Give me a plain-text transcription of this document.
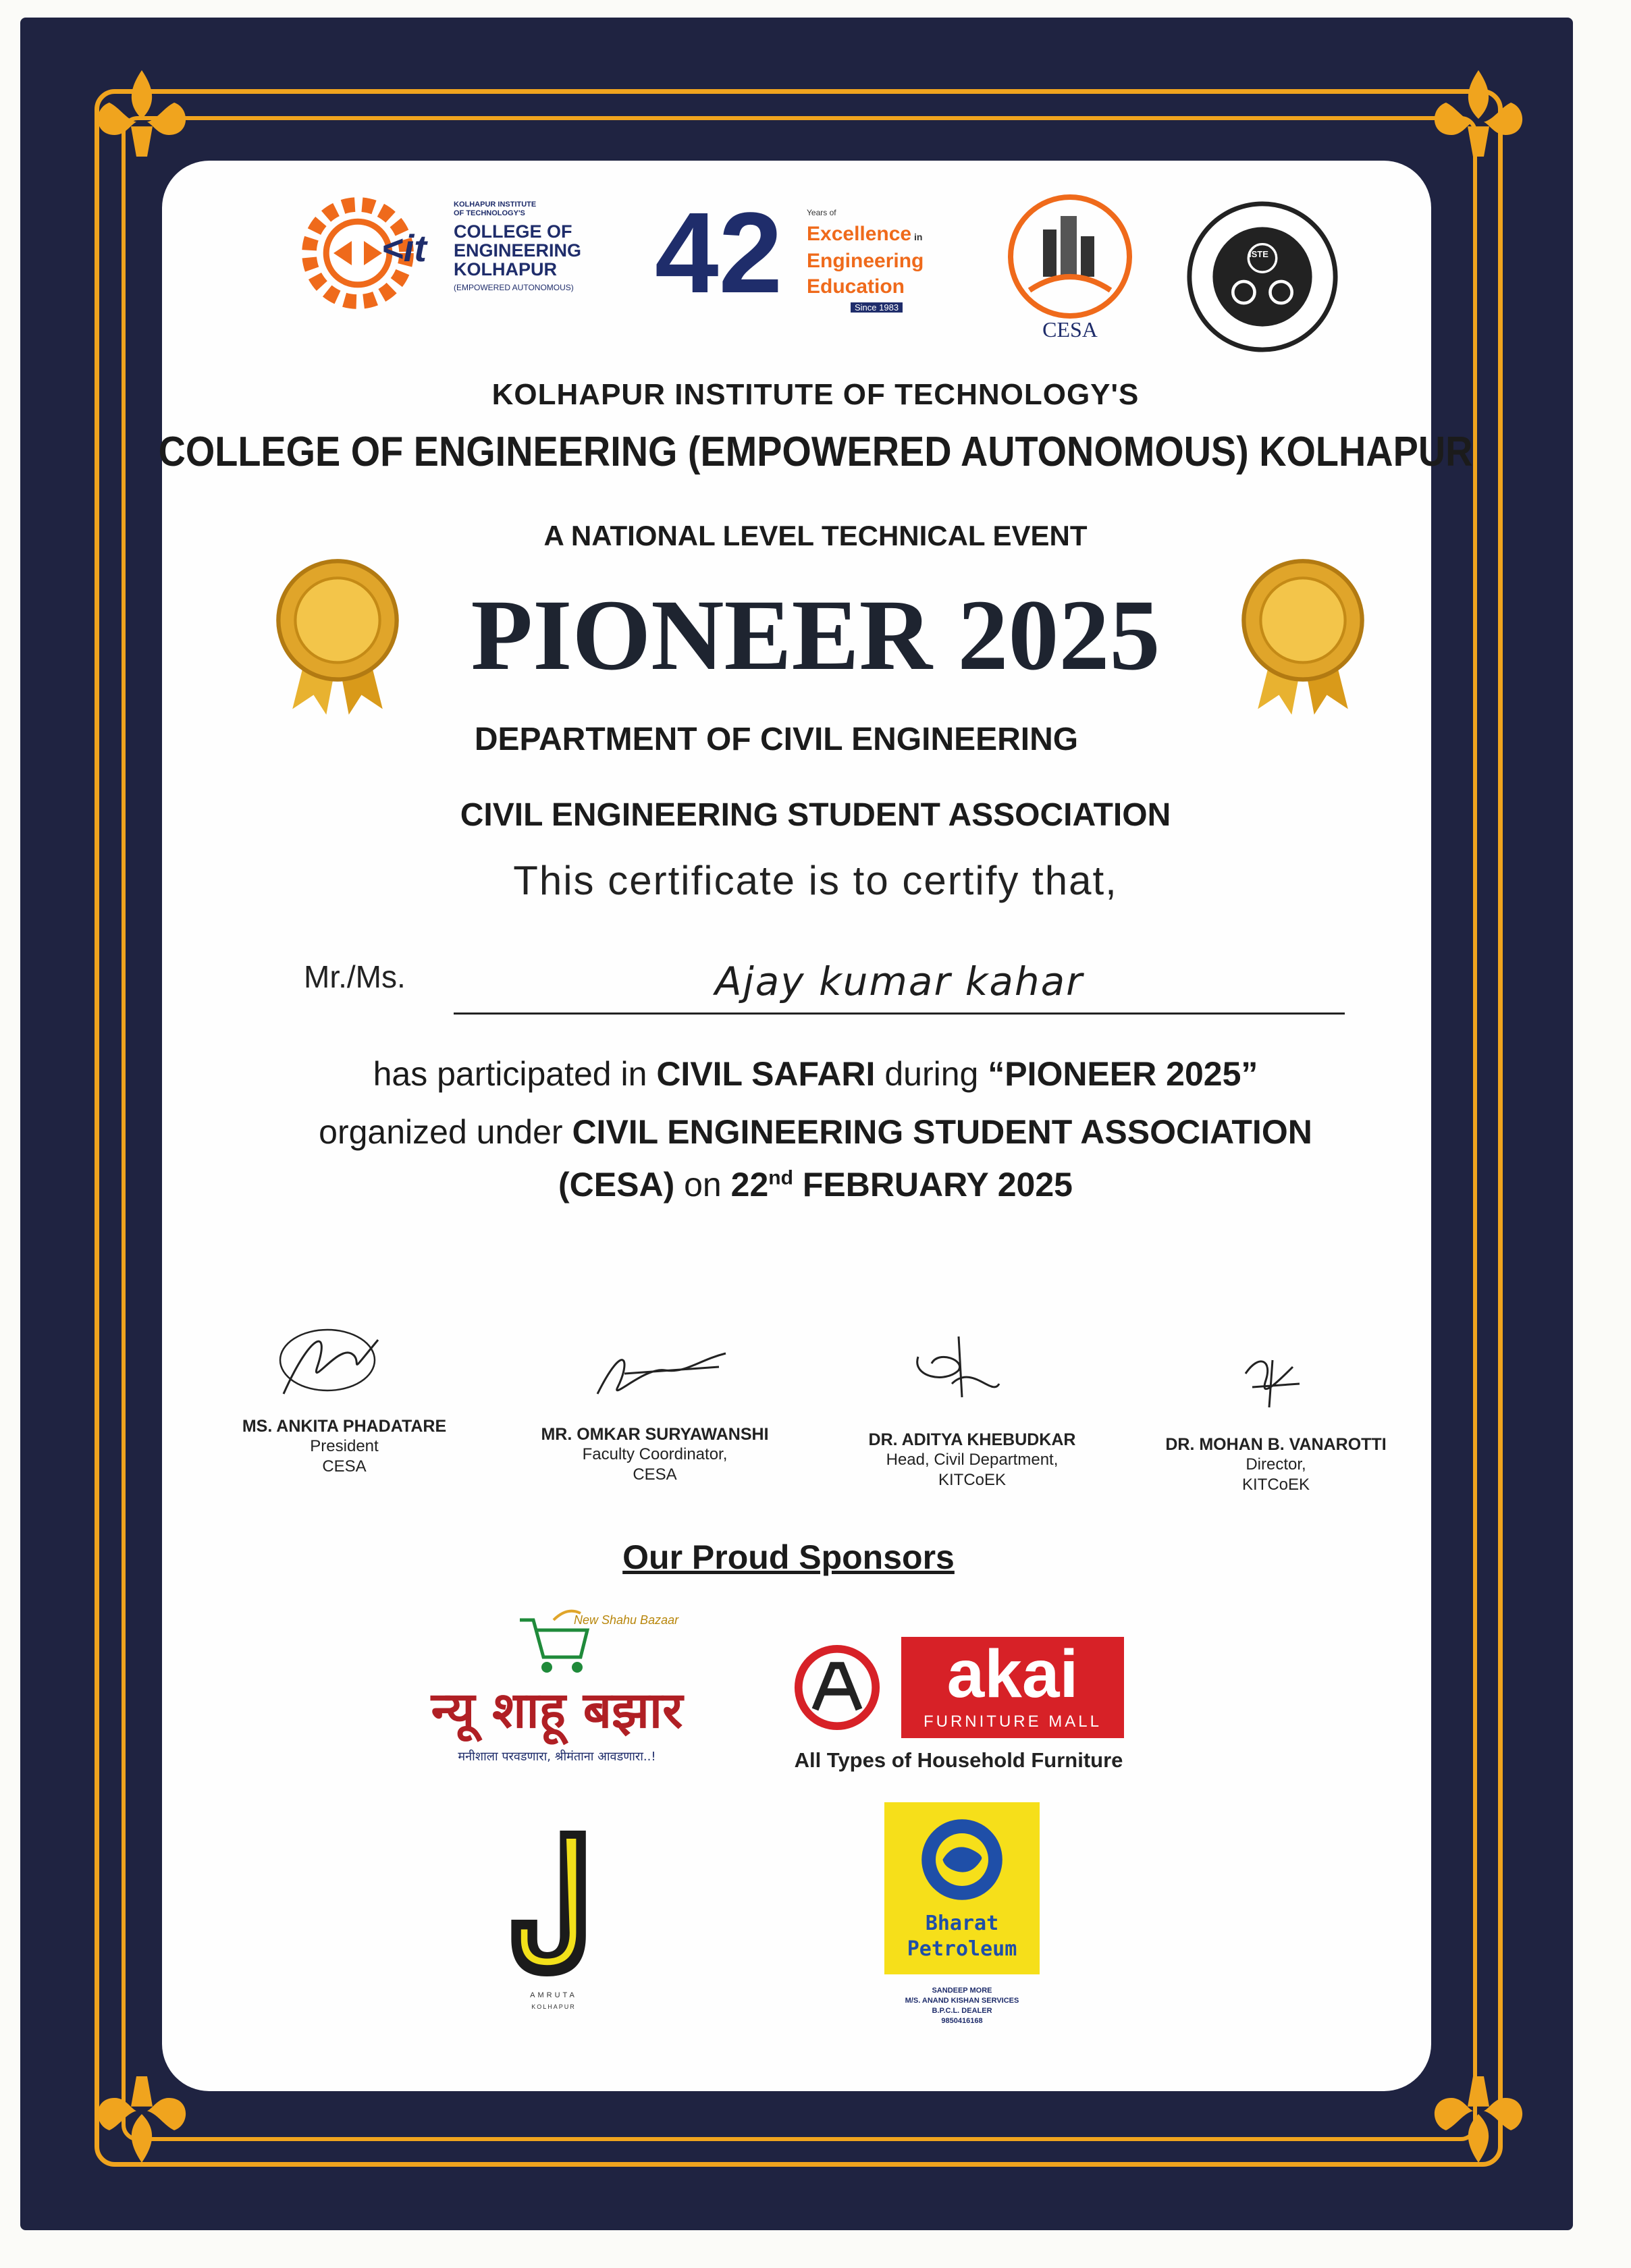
<it
KOLHAPUR INSTITUTE
OF TECHNOLOGY'S
COLLEGE OF
ENGINEERING
KOLHAPUR
(EMPOWERED AUTONOMOUS) 42	Years of
Excellence in
Engineering
Education
Since 1983
CESA
ISTE
KOLHAPUR INSTITUTE OF TECHNOLOGY'S
COLLEGE OF ENGINEERING (EMPOWERED AUTONOMOUS) KOLHAPUR
A NATIONAL LEVEL TECHNICAL EVENT
PIONEER 2025
DEPARTMENT OF CIVIL ENGINEERING
CIVIL ENGINEERING STUDENT ASSOCIATION
This certificate is to certify that,
Mr./Ms.	Ajay kumar kahar
has participated in CIVIL SAFARI during “PIONEER 2025”
organized under CIVIL ENGINEERING STUDENT ASSOCIATION
(CESA) on 22nd FEBRUARY 2025
MS. ANKITA PHADATARE
President
CESA
MR. OMKAR SURYAWANSHI
Faculty Coordinator,
CESA
DR. ADITYA KHEBUDKAR
Head, Civil Department,
KITCoEK
DR. MOHAN B. VANAROTTI
Director,
KITCoEK
Our Proud Sponsors
New Shahu Bazaar
न्यू शाहू बझार
मनीशाला परवडणारा, श्रीमंताना आवडणारा..!
akai
FURNITURE MALL
All Types of Household Furniture
AMRUTA
KOLHAPUR
Bharat
Petroleum
SANDEEP MORE
M/S. ANAND KISHAN SERVICES
B.P.C.L. DEALER
9850416168
